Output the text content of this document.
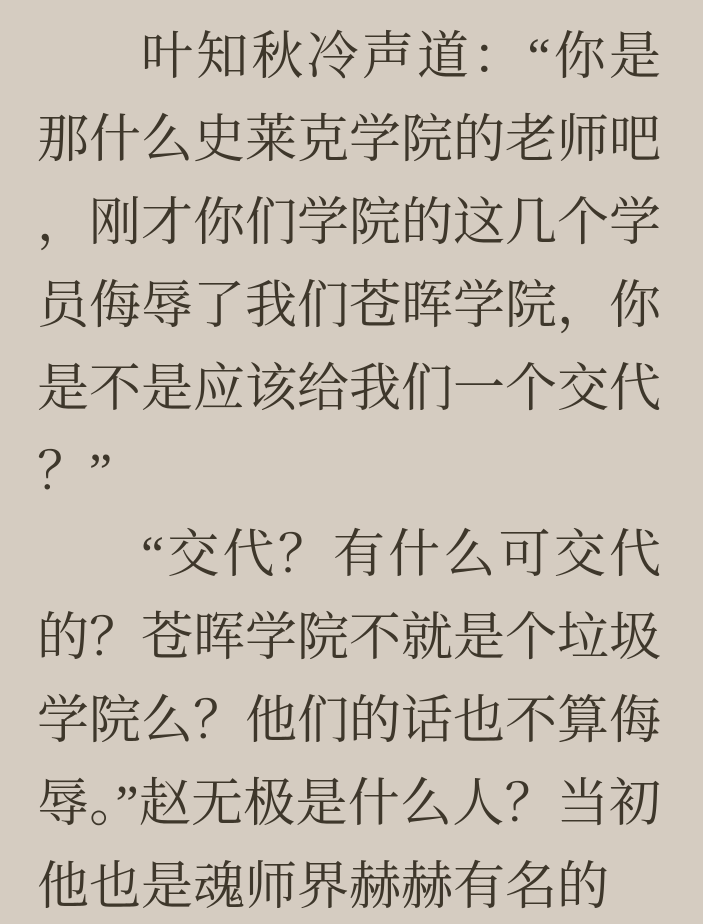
叶知秋冷声道：“你是那什么史莱克学院的老师吧，刚才你们学院的这几个学员侮辱了我们苍晖学院，你是不是应该给我们一个交代？”

“交代？有什么可交代的？苍晖学院不就是个垃圾学院么？他们的话也不算侮辱。”赵无极是什么人？当初他也是魂师界赫赫有名的
